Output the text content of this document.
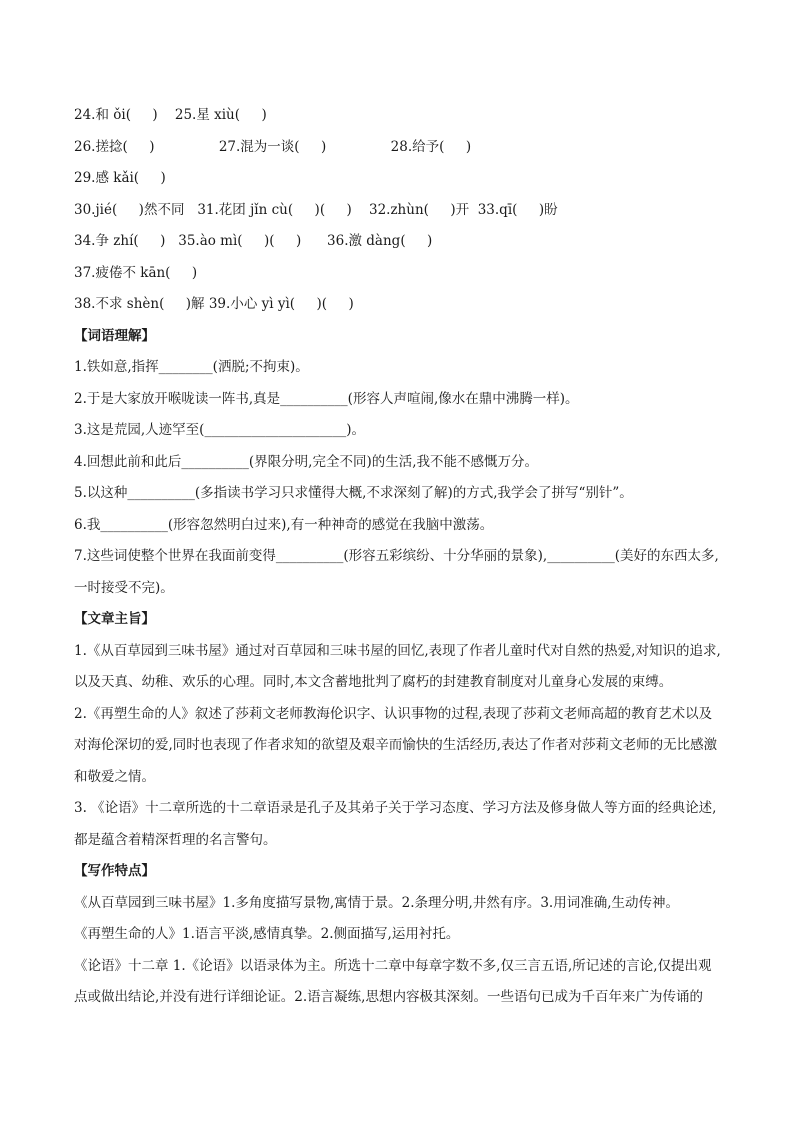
24.和 ǒi(     )    25.星 xiù(     )
26.搓捻(     )               27.混为一谈(     )               28.给予(     )
29.感 kǎi(     )
30.jié(     )然不同   31.花团 jǐn cù(     )(     )    32.zhùn(     )开  33.qī(     )盼
34.争 zhí(     )   35.ào mì(     )(     )      36.激 dàng(     )
37.疲倦不 kān(     )
38.不求 shèn(     )解 39.小心 yì yì(     )(     )
【词语理解】
1.铁如意,指挥________(洒脱;不拘束)。
2.于是大家放开喉咙读一阵书,真是__________(形容人声喧闹,像水在鼎中沸腾一样)。
3.这是荒园,人迹罕至(_____________________)。
4.回想此前和此后__________(界限分明,完全不同)的生活,我不能不感慨万分。
5.以这种__________(多指读书学习只求懂得大概,不求深刻了解)的方式,我学会了拼写“别针”。
6.我__________(形容忽然明白过来),有一种神奇的感觉在我脑中激荡。
7.这些词使整个世界在我面前变得__________(形容五彩缤纷、十分华丽的景象),__________(美好的东西太多,一时接受不完)。
【文章主旨】
1.《从百草园到三味书屋》通过对百草园和三味书屋的回忆,表现了作者儿童时代对自然的热爱,对知识的追求,以及天真、幼稚、欢乐的心理。同时,本文含蓄地批判了腐朽的封建教育制度对儿童身心发展的束缚。
2.《再塑生命的人》叙述了莎莉文老师教海伦识字、认识事物的过程,表现了莎莉文老师高超的教育艺术以及对海伦深切的爱,同时也表现了作者求知的欲望及艰辛而愉快的生活经历,表达了作者对莎莉文老师的无比感激和敬爱之情。
3. 《论语》十二章所选的十二章语录是孔子及其弟子关于学习态度、学习方法及修身做人等方面的经典论述,都是蕴含着精深哲理的名言警句。
【写作特点】
《从百草园到三味书屋》1.多角度描写景物,寓情于景。2.条理分明,井然有序。3.用词准确,生动传神。
《再塑生命的人》1.语言平淡,感情真挚。2.侧面描写,运用衬托。
《论语》十二章 1.《论语》以语录体为主。所选十二章中每章字数不多,仅三言五语,所记述的言论,仅提出观点或做出结论,并没有进行详细论证。2.语言凝练,思想内容极其深刻。一些语句已成为千百年来广为传诵的
